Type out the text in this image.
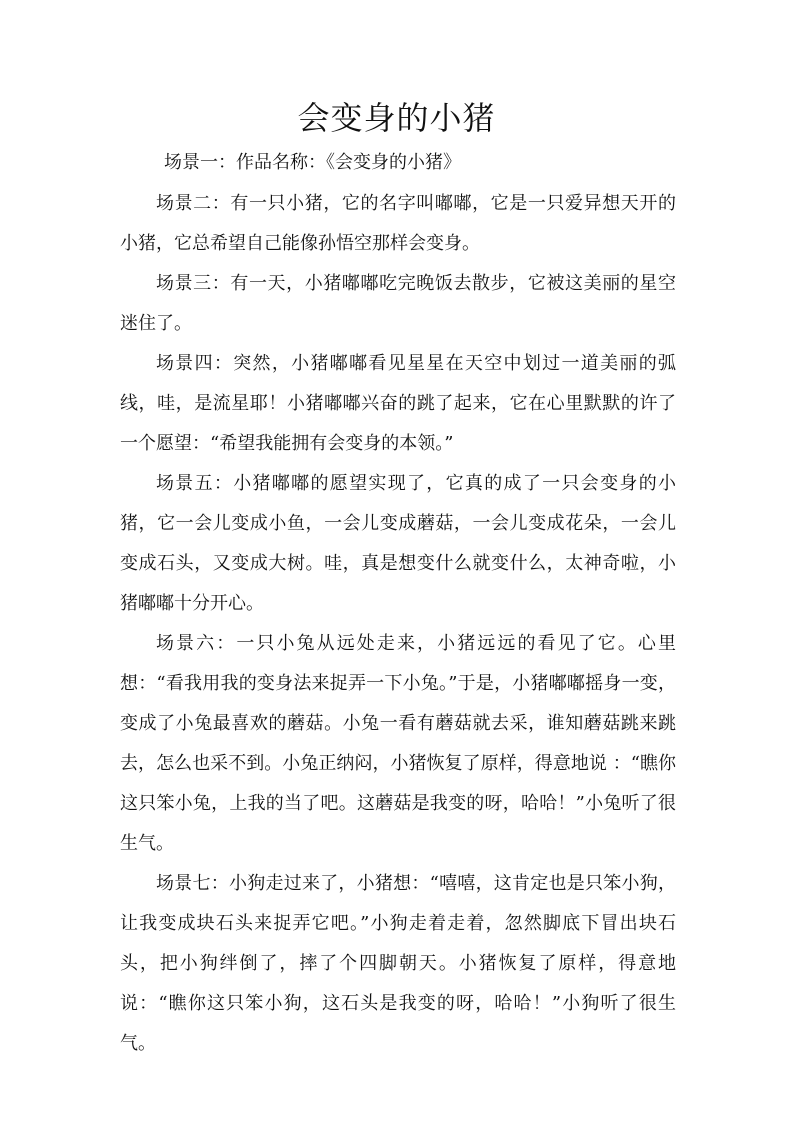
会变身的小猪

场景一：作品名称：《会变身的小猪》

场景二：有一只小猪，它的名字叫嘟嘟，它是一只爱异想天开的小猪，它总希望自己能像孙悟空那样会变身。

场景三：有一天，小猪嘟嘟吃完晚饭去散步，它被这美丽的星空迷住了。

场景四：突然，小猪嘟嘟看见星星在天空中划过一道美丽的弧线，哇，是流星耶！小猪嘟嘟兴奋的跳了起来，它在心里默默的许了一个愿望：“希望我能拥有会变身的本领。”

场景五：小猪嘟嘟的愿望实现了，它真的成了一只会变身的小猪，它一会儿变成小鱼，一会儿变成蘑菇，一会儿变成花朵，一会儿变成石头，又变成大树。哇，真是想变什么就变什么，太神奇啦，小猪嘟嘟十分开心。

场景六：一只小兔从远处走来，小猪远远的看见了它。心里想：“看我用我的变身法来捉弄一下小兔。”于是，小猪嘟嘟摇身一变，变成了小兔最喜欢的蘑菇。小兔一看有蘑菇就去采，谁知蘑菇跳来跳去，怎么也采不到。小兔正纳闷，小猪恢复了原样，得意地说 ：“瞧你这只笨小兔，上我的当了吧。这蘑菇是我变的呀，哈哈！”小兔听了很生气。

场景七：小狗走过来了，小猪想：“嘻嘻，这肯定也是只笨小狗，让我变成块石头来捉弄它吧。”小狗走着走着，忽然脚底下冒出块石头，把小狗绊倒了，摔了个四脚朝天。小猪恢复了原样，得意地说：“瞧你这只笨小狗，这石头是我变的呀，哈哈！”小狗听了很生气。
